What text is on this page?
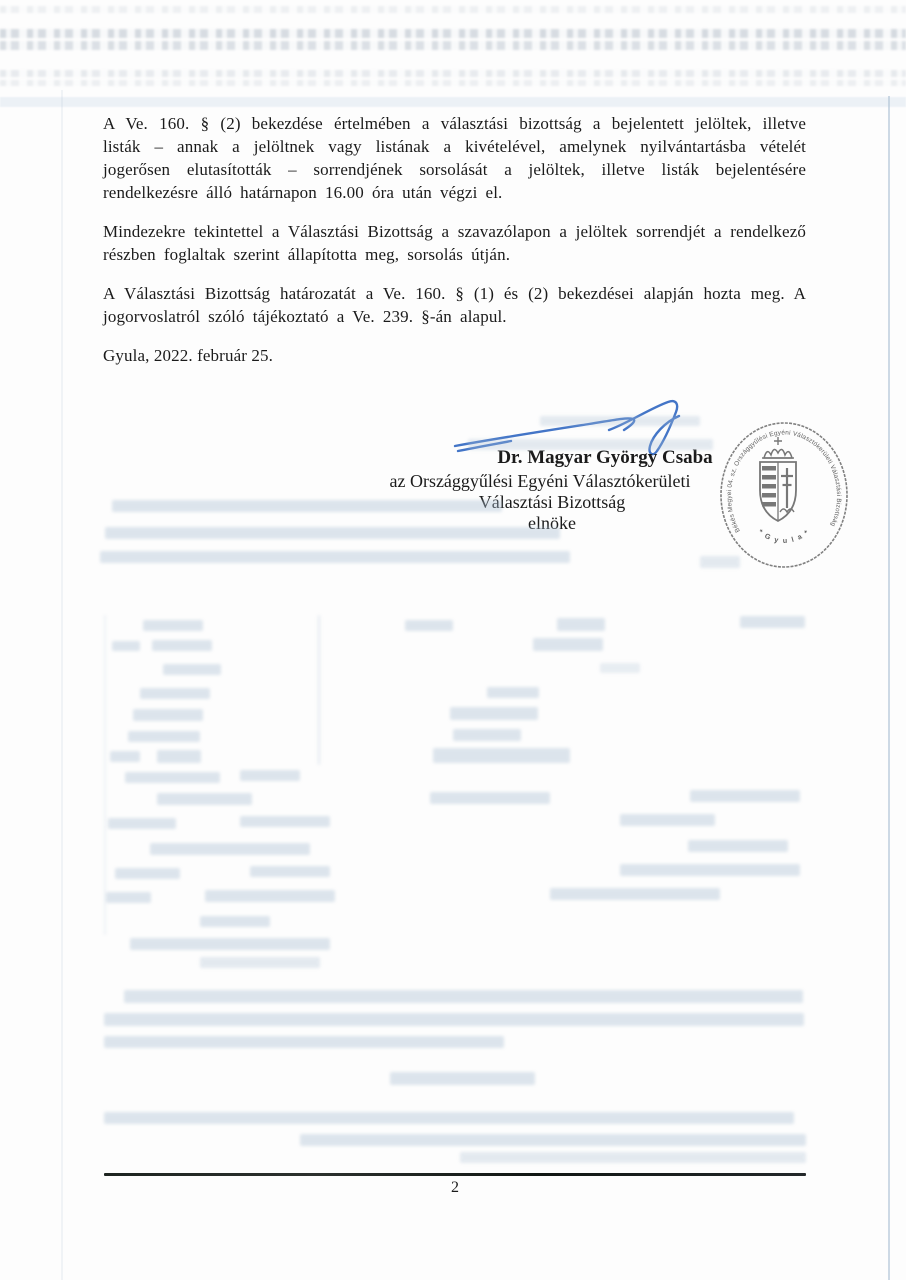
A Ve. 160. § (2) bekezdése értelmében a választási bizottság a bejelentett jelöltek, illetve listák – annak a jelöltnek vagy listának a kivételével, amelynek nyilvántartásba vételét jogerősen elutasították – sorrendjének sorsolását a jelöltek, illetve listák bejelentésére rendelkezésre álló határnapon 16.00 óra után végzi el.

Mindezekre tekintettel a Választási Bizottság a szavazólapon a jelöltek sorrendjét a rendelkező részben foglaltak szerint állapította meg, sorsolás útján.

A Választási Bizottság határozatát a Ve. 160. § (1) és (2) bekezdései alapján hozta meg. A jogorvoslatról szóló tájékoztató a Ve. 239. §-án alapul.

Gyula, 2022. február 25.

Dr. Magyar György Csaba
az Országgyűlési Egyéni Választókerületi
Választási Bizottság
elnöke	Békés Megyei 04. sz. Országgyűlési Egyéni Választókerületi Választási Bizottság
* G y u l a *
2
